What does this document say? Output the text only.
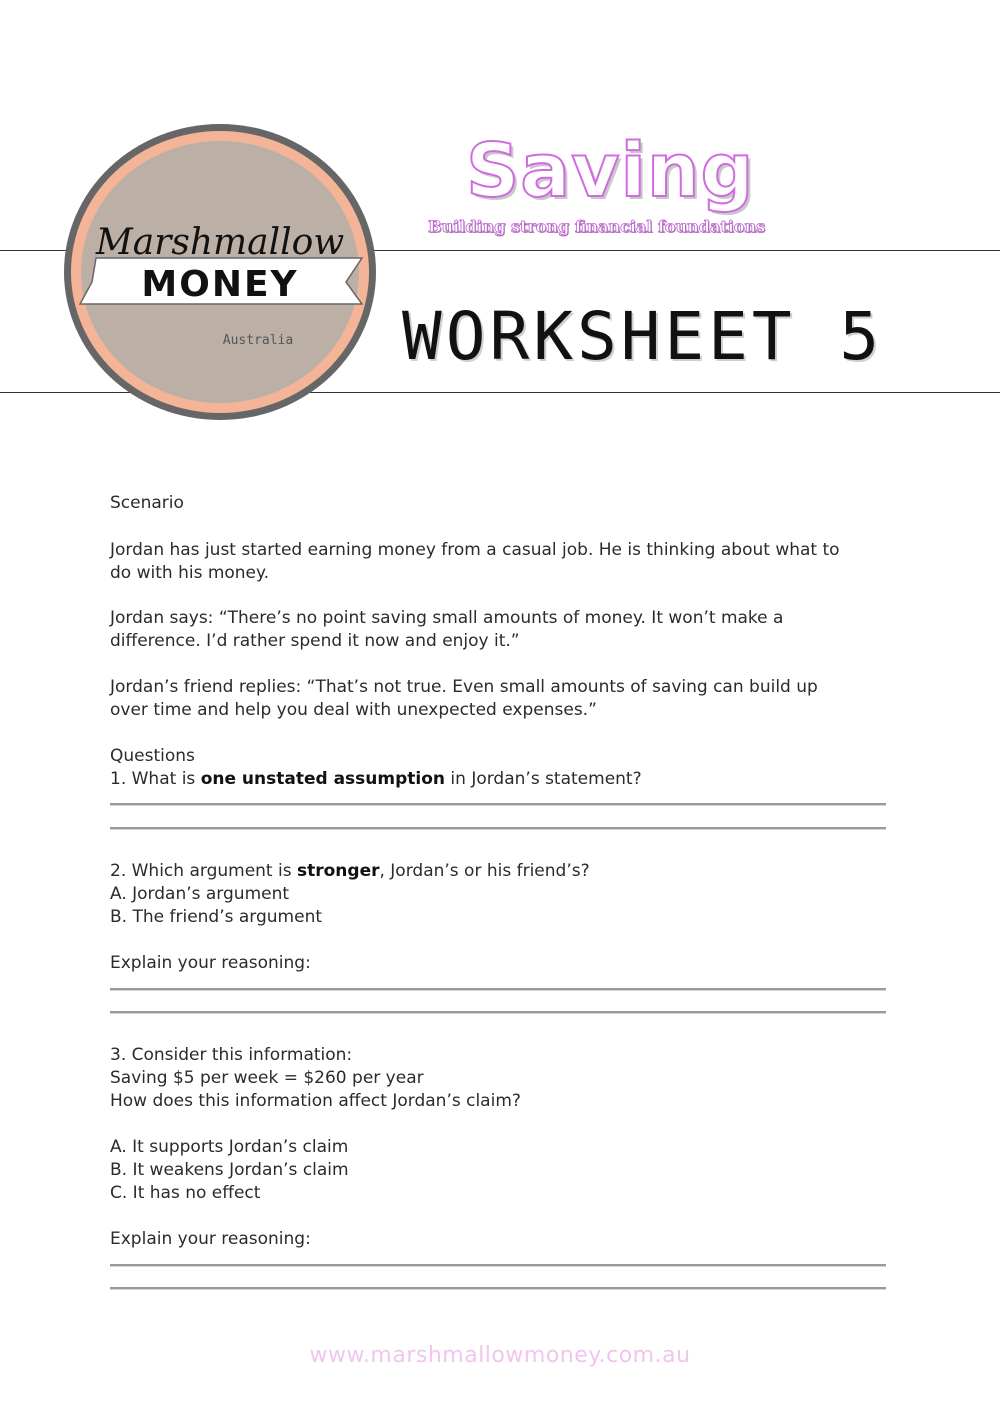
Marshmallow
MONEY
Australia
Saving
Building strong financial foundations
WORKSHEET 5
Scenario
Jordan has just started earning money from a casual job. He is thinking about what to
do with his money.
Jordan says: “There’s no point saving small amounts of money. It won’t make a
difference. I’d rather spend it now and enjoy it.”
Jordan’s friend replies: “That’s not true. Even small amounts of saving can build up
over time and help you deal with unexpected expenses.”
Questions
1. What is one unstated assumption in Jordan’s statement?
2. Which argument is stronger, Jordan’s or his friend’s?
A. Jordan’s argument
B. The friend’s argument
Explain your reasoning:
3. Consider this information:
Saving $5 per week = $260 per year
How does this information affect Jordan’s claim?
A. It supports Jordan’s claim
B. It weakens Jordan’s claim
C. It has no effect
Explain your reasoning:
www.marshmallowmoney.com.au
